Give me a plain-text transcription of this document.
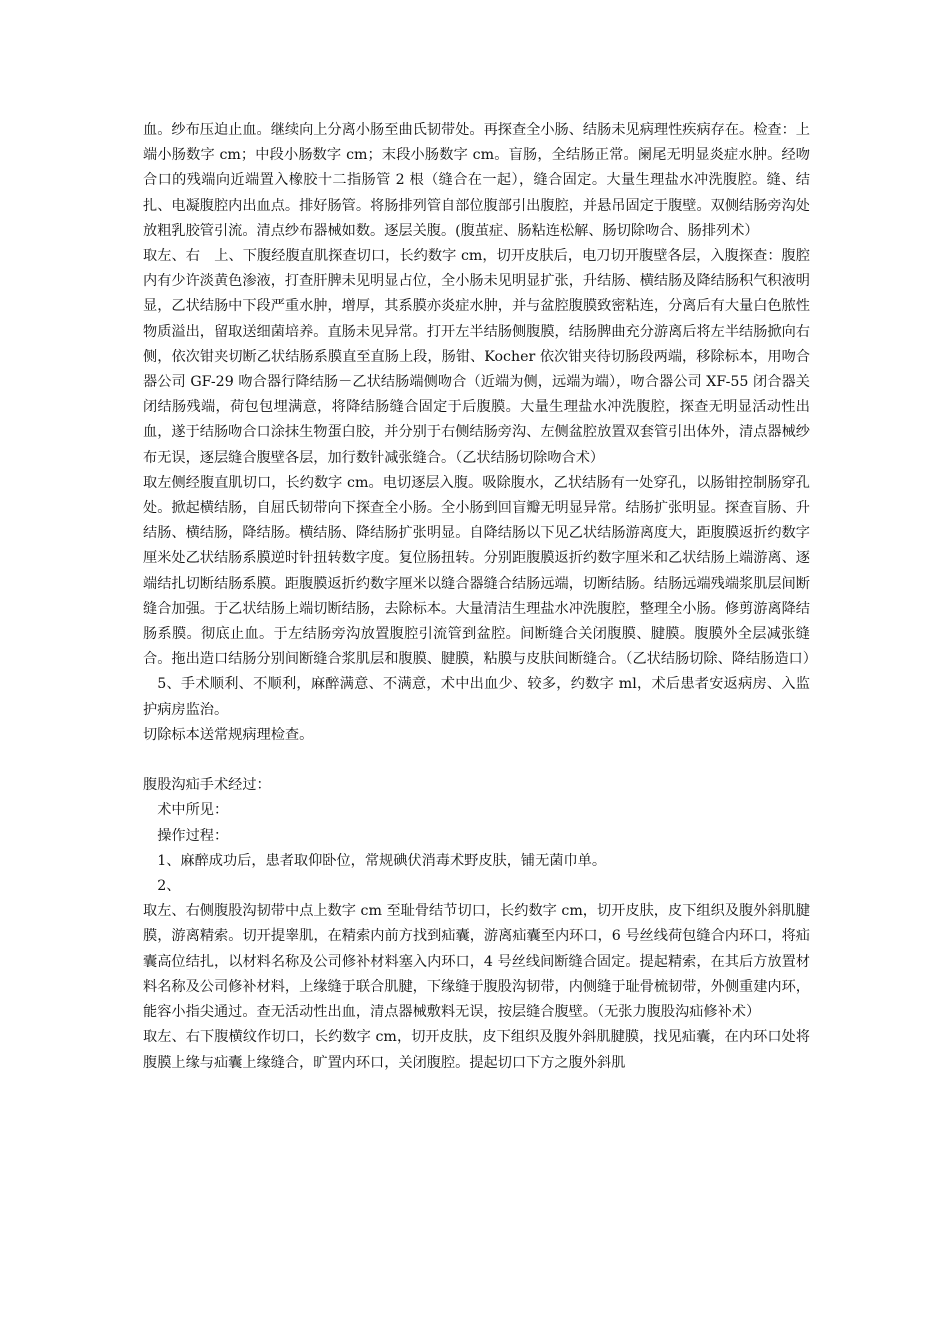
血。纱布压迫止血。继续向上分离小肠至曲氏韧带处。再探查全小肠、结肠未见病理性疾病存在。检查：上端小肠数字 cm；中段小肠数字 cm；末段小肠数字 cm。盲肠，全结肠正常。阑尾无明显炎症水肿。经吻合口的残端向近端置入橡胶十二指肠管 2 根（缝合在一起），缝合固定。大量生理盐水冲洗腹腔。缝、结扎、电凝腹腔内出血点。排好肠管。将肠排列管自部位腹部引出腹腔，并悬吊固定于腹壁。双侧结肠旁沟处放粗乳胶管引流。清点纱布器械如数。逐层关腹。(腹茧症、肠粘连松解、肠切除吻合、肠排列术）

取左、右　上、下腹经腹直肌探查切口，长约数字 cm，切开皮肤后，电刀切开腹壁各层，入腹探查：腹腔内有少许淡黄色渗液，打查肝脾未见明显占位，全小肠未见明显扩张，升结肠、横结肠及降结肠积气积液明显，乙状结肠中下段严重水肿，增厚，其系膜亦炎症水肿，并与盆腔腹膜致密粘连，分离后有大量白色脓性物质溢出，留取送细菌培养。直肠未见异常。打开左半结肠侧腹膜，结肠脾曲充分游离后将左半结肠掀向右侧，依次钳夹切断乙状结肠系膜直至直肠上段，肠钳、Kocher 依次钳夹待切肠段两端，移除标本，用吻合器公司 GF-29 吻合器行降结肠－乙状结肠端侧吻合（近端为侧，远端为端），吻合器公司 XF-55 闭合器关闭结肠残端，荷包包埋满意，将降结肠缝合固定于后腹膜。大量生理盐水冲洗腹腔，探查无明显活动性出血，遂于结肠吻合口涂抹生物蛋白胶，并分别于右侧结肠旁沟、左侧盆腔放置双套管引出体外，清点器械纱布无误，逐层缝合腹壁各层，加行数针减张缝合。（乙状结肠切除吻合术）

取左侧经腹直肌切口，长约数字 cm。电切逐层入腹。吸除腹水，乙状结肠有一处穿孔，以肠钳控制肠穿孔处。掀起横结肠，自屈氏韧带向下探查全小肠。全小肠到回盲瓣无明显异常。结肠扩张明显。探查盲肠、升结肠、横结肠，降结肠。横结肠、降结肠扩张明显。自降结肠以下见乙状结肠游离度大，距腹膜返折约数字厘米处乙状结肠系膜逆时针扭转数字度。复位肠扭转。分别距腹膜返折约数字厘米和乙状结肠上端游离、逐端结扎切断结肠系膜。距腹膜返折约数字厘米以缝合器缝合结肠远端，切断结肠。结肠远端残端浆肌层间断缝合加强。于乙状结肠上端切断结肠，去除标本。大量清洁生理盐水冲洗腹腔，整理全小肠。修剪游离降结肠系膜。彻底止血。于左结肠旁沟放置腹腔引流管到盆腔。间断缝合关闭腹膜、腱膜。腹膜外全层减张缝合。拖出造口结肠分别间断缝合浆肌层和腹膜、腱膜，粘膜与皮肤间断缝合。（乙状结肠切除、降结肠造口）

5、手术顺利、不顺利，麻醉满意、不满意，术中出血少、较多，约数字 ml，术后患者安返病房、入监护病房监治。

切除标本送常规病理检查。

腹股沟疝手术经过：

术中所见：

操作过程：

1、麻醉成功后，患者取仰卧位，常规碘伏消毒术野皮肤，铺无菌巾单。

2、

取左、右侧腹股沟韧带中点上数字 cm 至耻骨结节切口，长约数字 cm，切开皮肤，皮下组织及腹外斜肌腱膜，游离精索。切开提睾肌，在精索内前方找到疝囊，游离疝囊至内环口，6 号丝线荷包缝合内环口，将疝囊高位结扎，以材料名称及公司修补材料塞入内环口，4 号丝线间断缝合固定。提起精索，在其后方放置材料名称及公司修补材料，上缘缝于联合肌腱，下缘缝于腹股沟韧带，内侧缝于耻骨梳韧带，外侧重建内环，能容小指尖通过。查无活动性出血，清点器械敷料无误，按层缝合腹壁。（无张力腹股沟疝修补术）

取左、右下腹横纹作切口，长约数字 cm，切开皮肤，皮下组织及腹外斜肌腱膜，找见疝囊，在内环口处将腹膜上缘与疝囊上缘缝合，旷置内环口，关闭腹腔。提起切口下方之腹外斜肌
